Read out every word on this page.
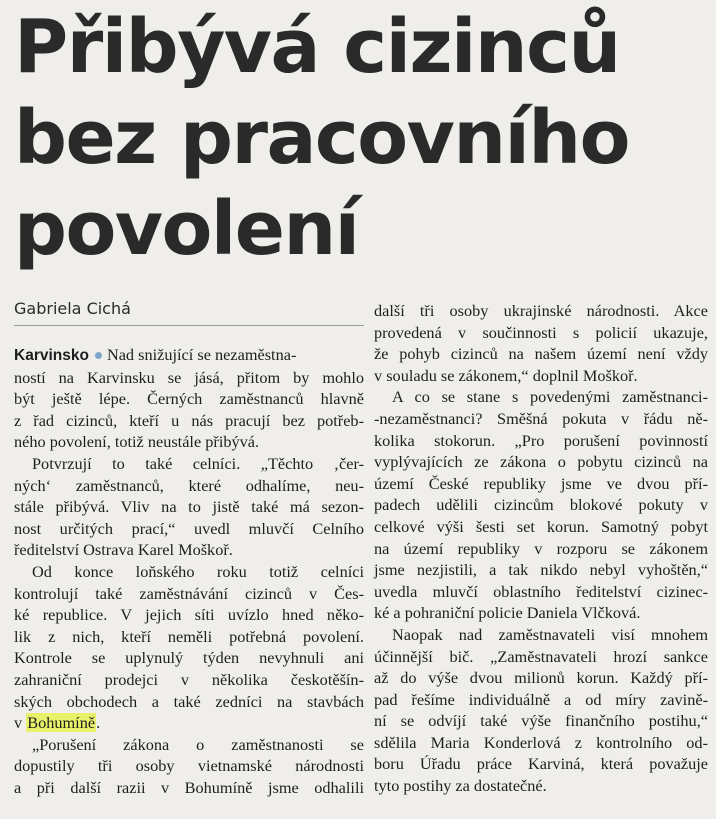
Přibývá cizinců
bez pracovního
povolení
Gabriela Cichá
Karvinsko Nad snižující se nezaměstna-
ností na Karvinsku se jásá, přitom by mohlo
být ještě lépe. Černých zaměstnanců hlavně
z řad cizinců, kteří u nás pracují bez potřeb-
ného povolení, totiž neustále přibývá.
Potvrzují to také celníci. „Těchto ‚čer-
ných‘ zaměstnanců, které odhalíme, neu-
stále přibývá. Vliv na to jistě také má sezon-
nost určitých prací,“ uvedl mluvčí Celního
ředitelství Ostrava Karel Moškoř.
Od konce loňského roku totiž celníci
kontrolují také zaměstnávání cizinců v Čes-
ké republice. V jejich síti uvízlo hned něko-
lik z nich, kteří neměli potřebná povolení.
Kontrole se uplynulý týden nevyhnuli ani
zahraniční prodejci v několika českotěšín-
ských obchodech a také zedníci na stavbách
v Bohumíně.
„Porušení zákona o zaměstnanosti se
dopustily tři osoby vietnamské národnosti
a při další razii v Bohumíně jsme odhalili
další tři osoby ukrajinské národnosti. Akce
provedená v součinnosti s policií ukazuje,
že pohyb cizinců na našem území není vždy
v souladu se zákonem,“ doplnil Moškoř.
A co se stane s povedenými zaměstnanci-
-nezaměstnanci? Směšná pokuta v řádu ně-
kolika stokorun. „Pro porušení povinností
vyplývajících ze zákona o pobytu cizinců na
území České republiky jsme ve dvou pří-
padech udělili cizincům blokové pokuty v
celkové výši šesti set korun. Samotný pobyt
na území republiky v rozporu se zákonem
jsme nezjistili, a tak nikdo nebyl vyhoštěn,“
uvedla mluvčí oblastního ředitelství cizinec-
ké a pohraniční policie Daniela Vlčková.
Naopak nad zaměstnavateli visí mnohem
účinnější bič. „Zaměstnavateli hrozí sankce
až do výše dvou milionů korun. Každý pří-
pad řešíme individuálně a od míry zavině-
ní se odvíjí také výše finančního postihu,“
sdělila Maria Konderlová z kontrolního od-
boru Úřadu práce Karviná, která považuje
tyto postihy za dostatečné.
